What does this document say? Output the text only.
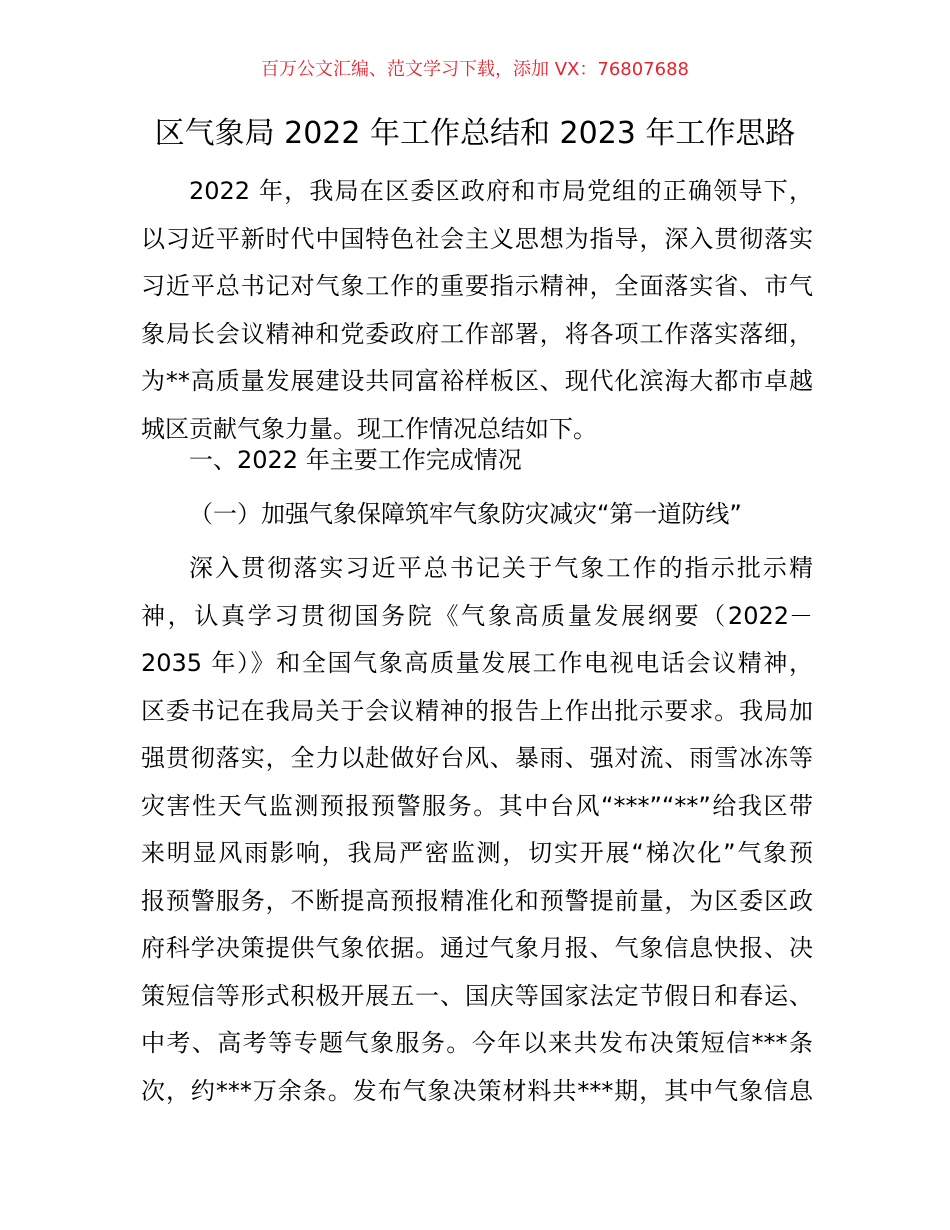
百万公文汇编、范文学习下载，添加 VX：76807688
区气象局 2022 年工作总结和 2023 年工作思路
2022 年，我局在区委区政府和市局党组的正确领导下，
以习近平新时代中国特色社会主义思想为指导，深入贯彻落实
习近平总书记对气象工作的重要指示精神，全面落实省、市气
象局长会议精神和党委政府工作部署，将各项工作落实落细，
为**高质量发展建设共同富裕样板区、现代化滨海大都市卓越
城区贡献气象力量。现工作情况总结如下。
一、2022 年主要工作完成情况
（一）加强气象保障筑牢气象防灾减灾“第一道防线”
深入贯彻落实习近平总书记关于气象工作的指示批示精
神，认真学习贯彻国务院《气象高质量发展纲要（2022－
2035 年）》和全国气象高质量发展工作电视电话会议精神，
区委书记在我局关于会议精神的报告上作出批示要求。我局加
强贯彻落实，全力以赴做好台风、暴雨、强对流、雨雪冰冻等
灾害性天气监测预报预警服务。其中台风“***”“**”给我区带
来明显风雨影响，我局严密监测，切实开展“梯次化”气象预
报预警服务，不断提高预报精准化和预警提前量，为区委区政
府科学决策提供气象依据。通过气象月报、气象信息快报、决
策短信等形式积极开展五一、国庆等国家法定节假日和春运、
中考、高考等专题气象服务。今年以来共发布决策短信***条
次，约***万余条。发布气象决策材料共***期，其中气象信息
